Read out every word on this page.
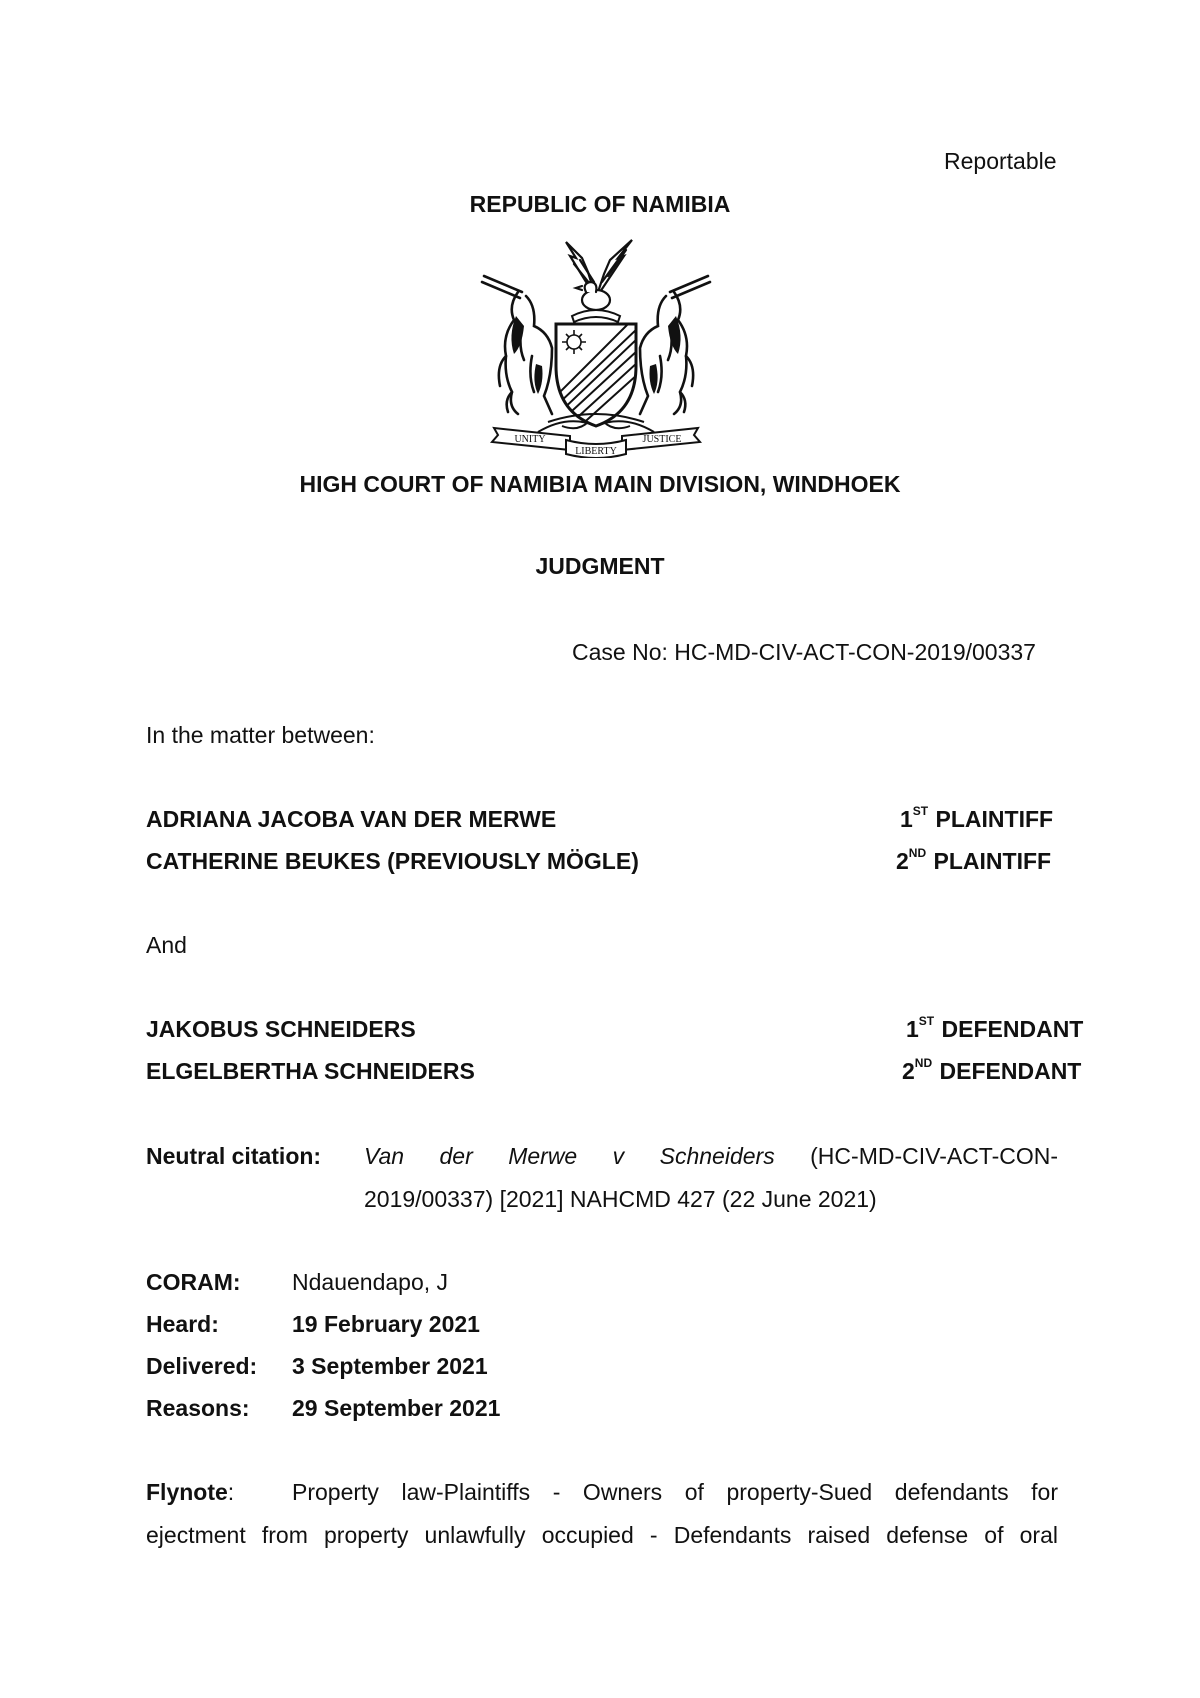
Reportable
REPUBLIC OF NAMIBIA
UNITY
LIBERTY
JUSTICE
HIGH COURT OF NAMIBIA MAIN DIVISION, WINDHOEK
JUDGMENT
Case No: HC-MD-CIV-ACT-CON-2019/00337
In the matter between:
ADRIANA JACOBA VAN DER MERWE	1ST PLAINTIFF
CATHERINE BEUKES (PREVIOUSLY MÖGLE)	2ND PLAINTIFF
And
JAKOBUS SCHNEIDERS	1ST DEFENDANT
ELGELBERTHA SCHNEIDERS	2ND DEFENDANT
Neutral citation: Van der Merwe v Schneiders (HC-MD-CIV-ACT-CON-
2019/00337) [2021] NAHCMD 427 (22 June 2021)
CORAM: Ndauendapo, J
Heard:	19 February 2021
Delivered: 3 September 2021
Reasons: 29 September 2021
Flynote:	Property law-Plaintiffs - Owners of property-Sued defendants for
ejectment from property unlawfully occupied - Defendants raised defense of oral
